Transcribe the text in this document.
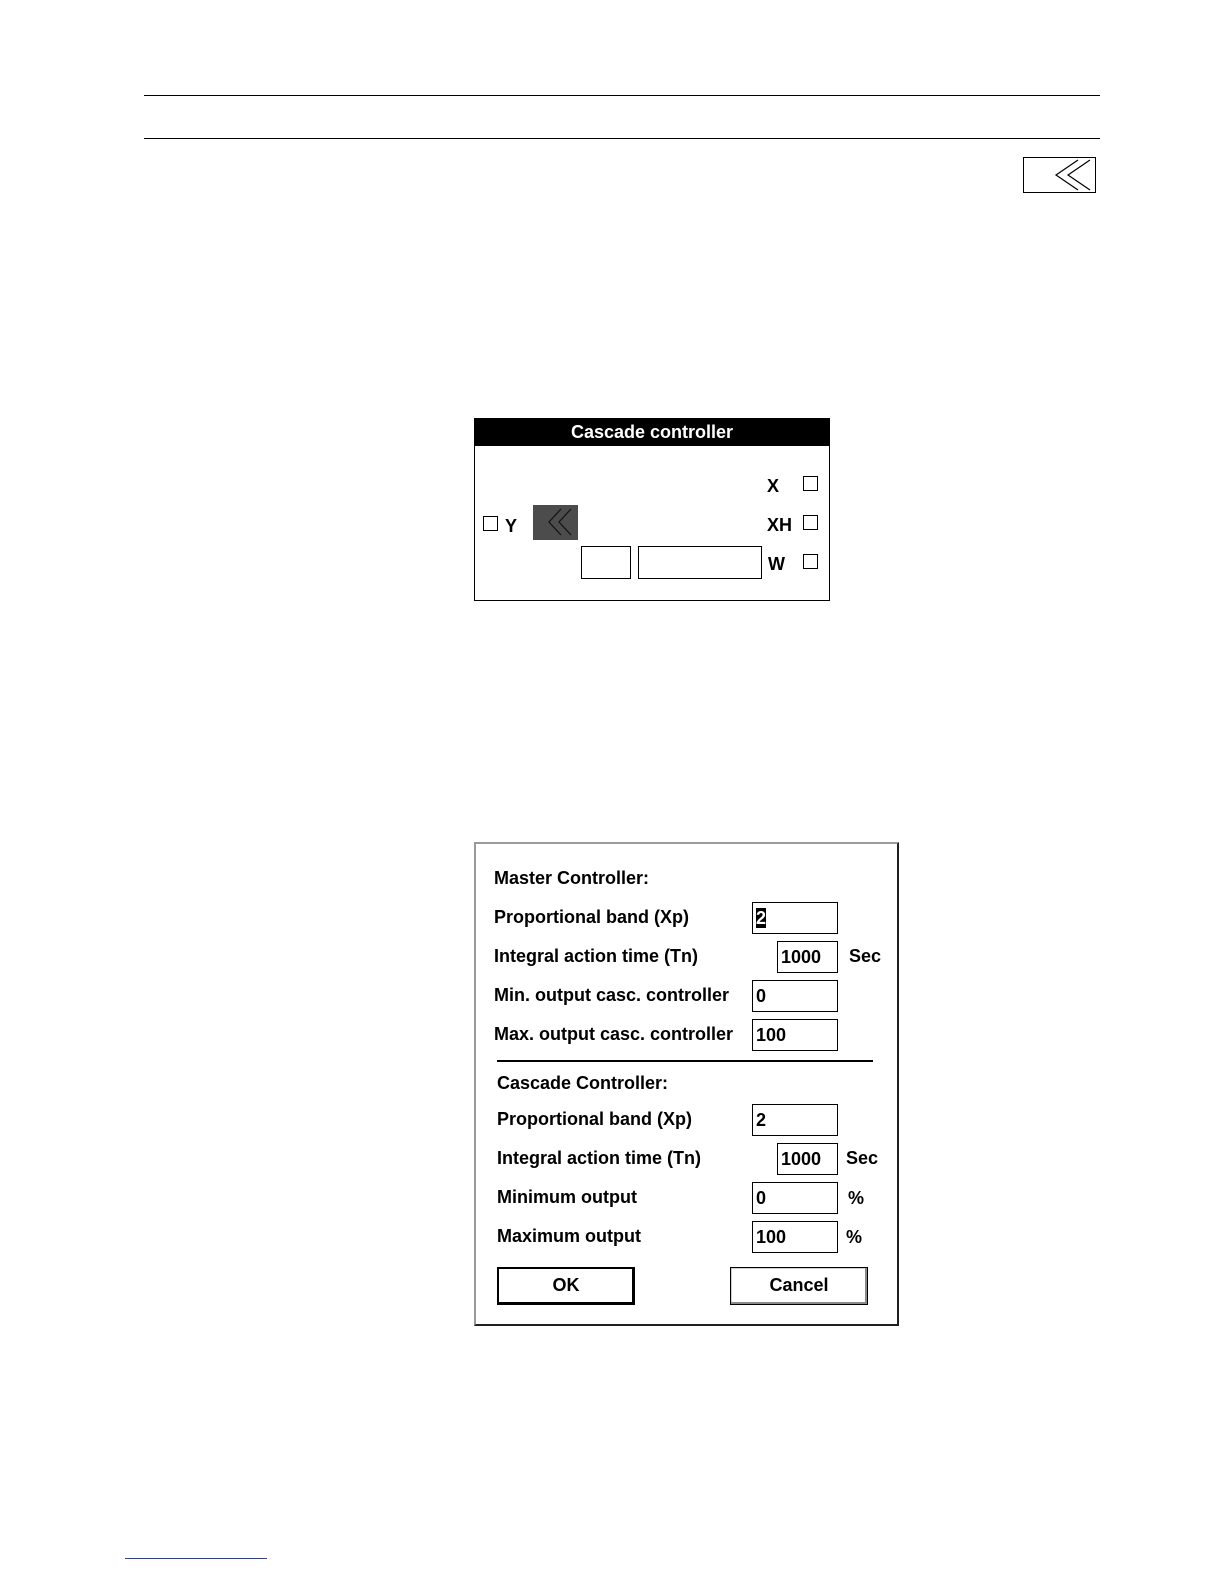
Cascade controller
X
XH
W
Y
Master Controller:
Proportional band (Xp)	2
Integral action time (Tn)	1000	Sec
Min. output casc. controller 0
Max. output casc. controller 100
Cascade Controller:
Proportional band (Xp)	2
Integral action time (Tn)	1000	Sec
Minimum output	0	%
Maximum output	100	%
OK	Cancel
